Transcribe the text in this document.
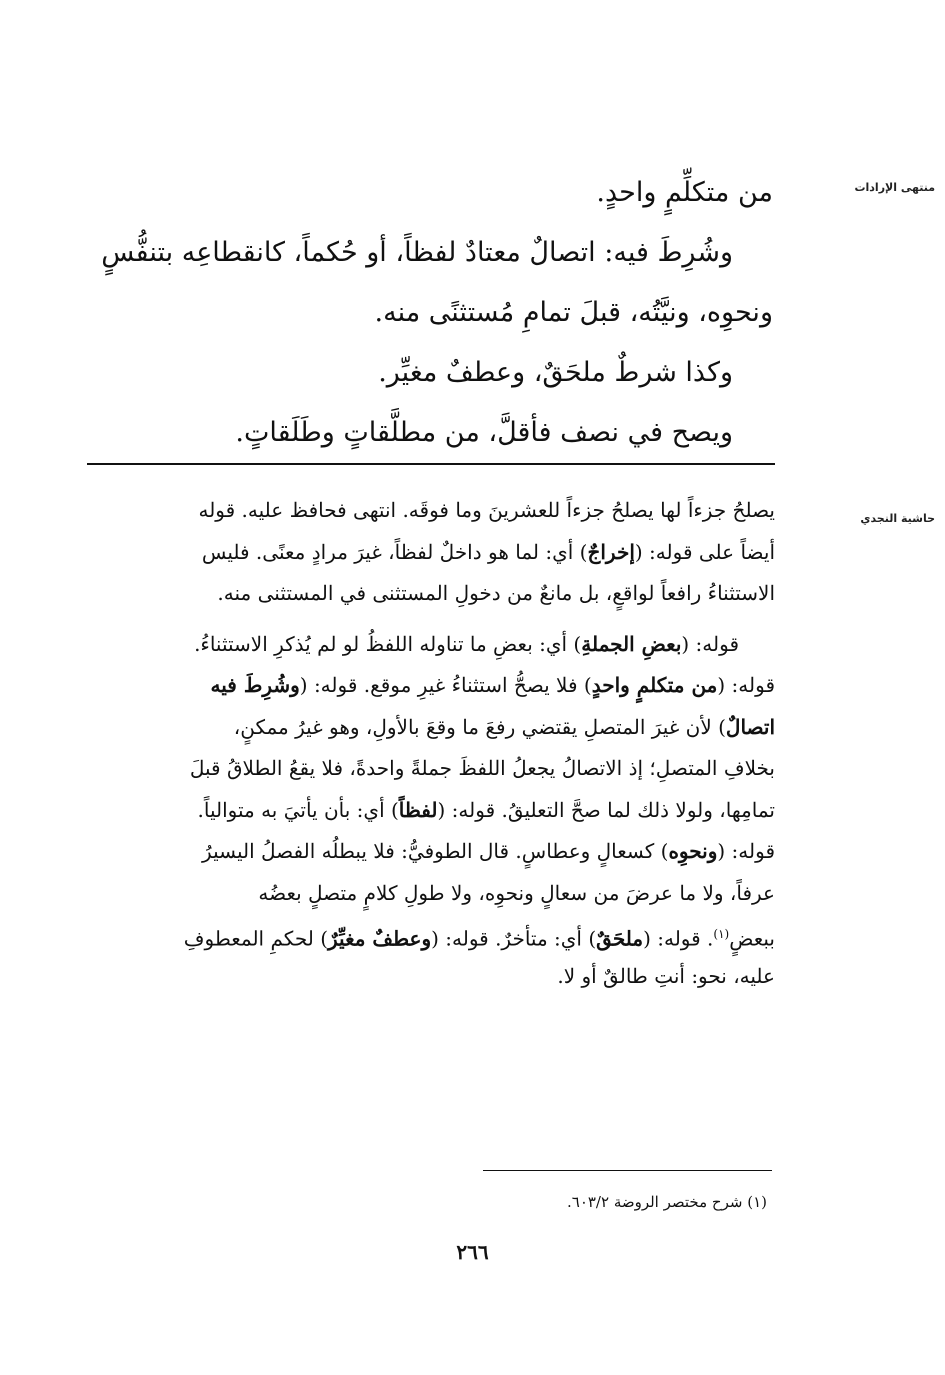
منتهى الإرادات
حاشية النجدي
من متكلِّمٍ واحدٍ.
وشُرِطَ فيه: اتصالٌ معتادٌ لفظاً، أو حُكماً، كانقطاعِه بتنفُّسٍ
ونحوِه، ونيَّتُه، قبلَ تمامِ مُستثنًى منه.
وكذا شرطٌ ملحَقٌ، وعطفٌ مغيِّر.
ويصح في نصف فأقلَّ، من مطلَّقاتٍ وطَلَقاتٍ.
يصلحُ جزءاً لها يصلحُ جزءاً للعشرينَ وما فوقَه. انتهى فحافظ عليه. قوله
أيضاً على قوله: (إخراجٌ) أي: لما هو داخلٌ لفظاً، غيرَ مرادٍ معنًى. فليس
الاستثناءُ رافعاً لواقعٍ، بل مانعٌ من دخولِ المستثنى في المستثنى منه.
قوله: (بعضِ الجملةِ) أي: بعضِ ما تناوله اللفظُ لو لم يُذكرِ الاستثناءُ.
قوله: (من متكلمٍ واحدٍ) فلا يصحُّ استثناءُ غيرِ موقع. قوله: (وشُرِطَ فيه
اتصالٌ) لأن غيرَ المتصلِ يقتضي رفعَ ما وقعَ بالأولِ، وهو غيرُ ممكنٍ،
بخلافِ المتصلِ؛ إذ الاتصالُ يجعلُ اللفظَ جملةً واحدةً، فلا يقعُ الطلاقُ قبلَ
تمامِها، ولولا ذلك لما صحَّ التعليقُ. قوله: (لفظاً) أي: بأن يأتيَ به متوالياً.
قوله: (ونحوِه) كسعالٍ وعطاسٍ. قال الطوفيُّ: فلا يبطلُه الفصلُ اليسيرُ
عرفاً، ولا ما عرضَ من سعالٍ ونحوِه، ولا طولِ كلامٍ متصلٍ بعضُه
ببعضٍ$^{(١)}$. قوله: (ملحَقٌ) أي: متأخرٌ. قوله: (وعطفٌ مغيِّرٌ) لحكمِ المعطوفِ
عليه، نحو: أنتِ طالقٌ أو لا.
(١) شرح مختصر الروضة ٦٠٣/٢.
٢٦٦
